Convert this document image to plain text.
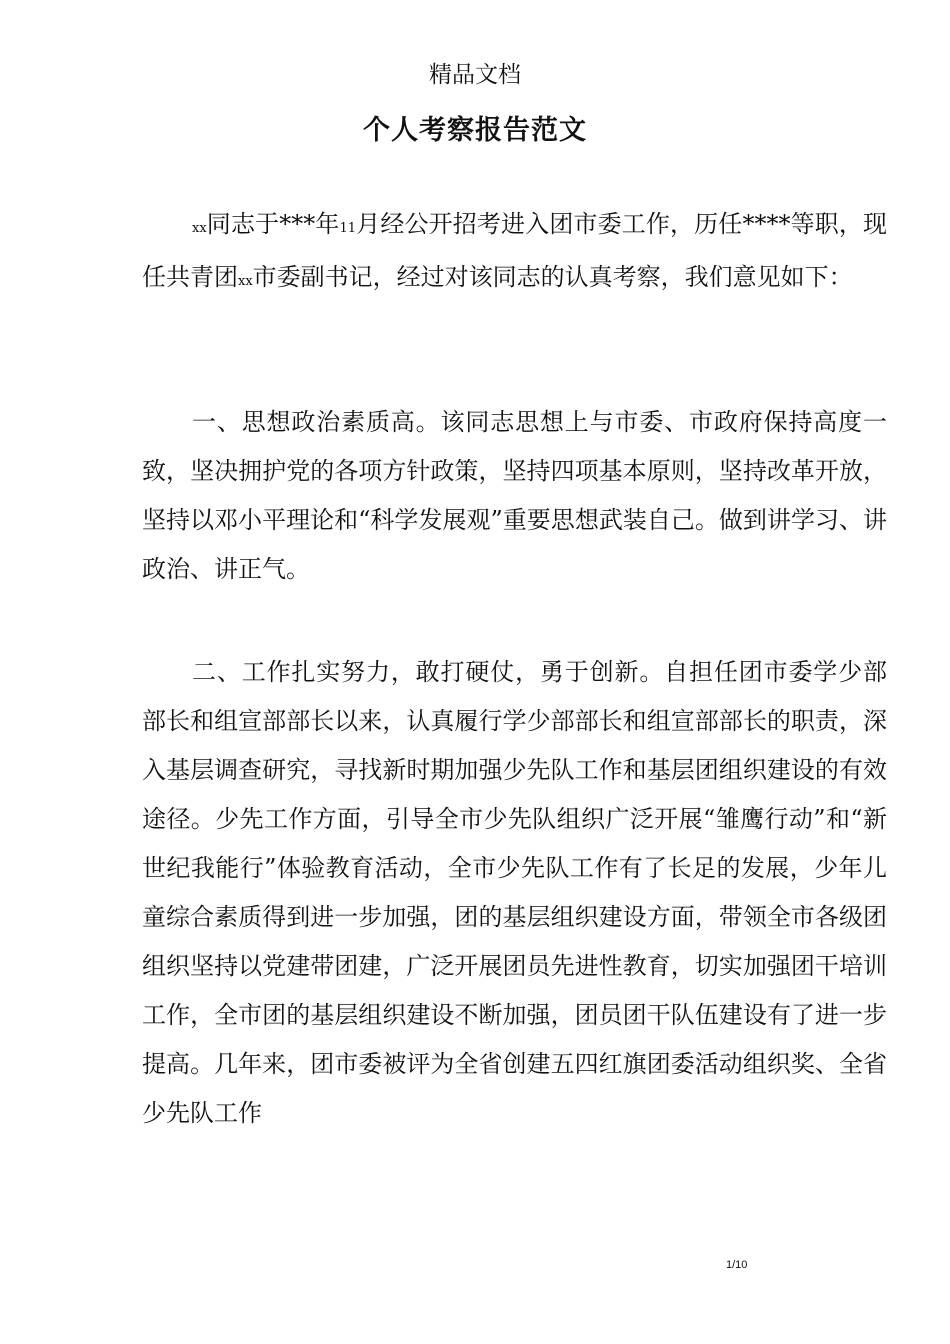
精品文档
个人考察报告范文

xx同志于***年11月经公开招考进入团市委工作，历任****等职，现任共青团xx市委副书记，经过对该同志的认真考察，我们意见如下：

一、思想政治素质高。该同志思想上与市委、市政府保持高度一致，坚决拥护党的各项方针政策，坚持四项基本原则，坚持改革开放，坚持以邓小平理论和“科学发展观”重要思想武装自己。做到讲学习、讲政治、讲正气。

二、工作扎实努力，敢打硬仗，勇于创新。自担任团市委学少部部长和组宣部部长以来，认真履行学少部部长和组宣部部长的职责，深入基层调查研究，寻找新时期加强少先队工作和基层团组织建设的有效途径。少先工作方面，引导全市少先队组织广泛开展“雏鹰行动”和“新世纪我能行”体验教育活动，全市少先队工作有了长足的发展，少年儿童综合素质得到进一步加强，团的基层组织建设方面，带领全市各级团组织坚持以党建带团建，广泛开展团员先进性教育，切实加强团干培训工作，全市团的基层组织建设不断加强，团员团干队伍建设有了进一步提高。几年来，团市委被评为全省创建五四红旗团委活动组织奖、全省少先队工作

1/10
